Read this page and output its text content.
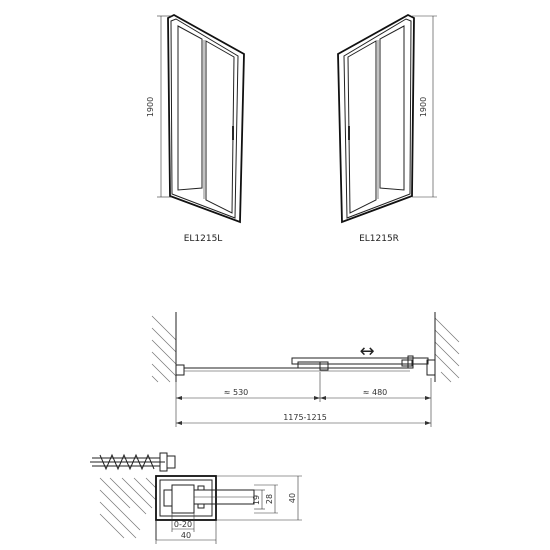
1900
EL1215L
1900
EL1215R
↔
≈ 530	≈ 480
1175-1215
19 28 40
0-20
40
